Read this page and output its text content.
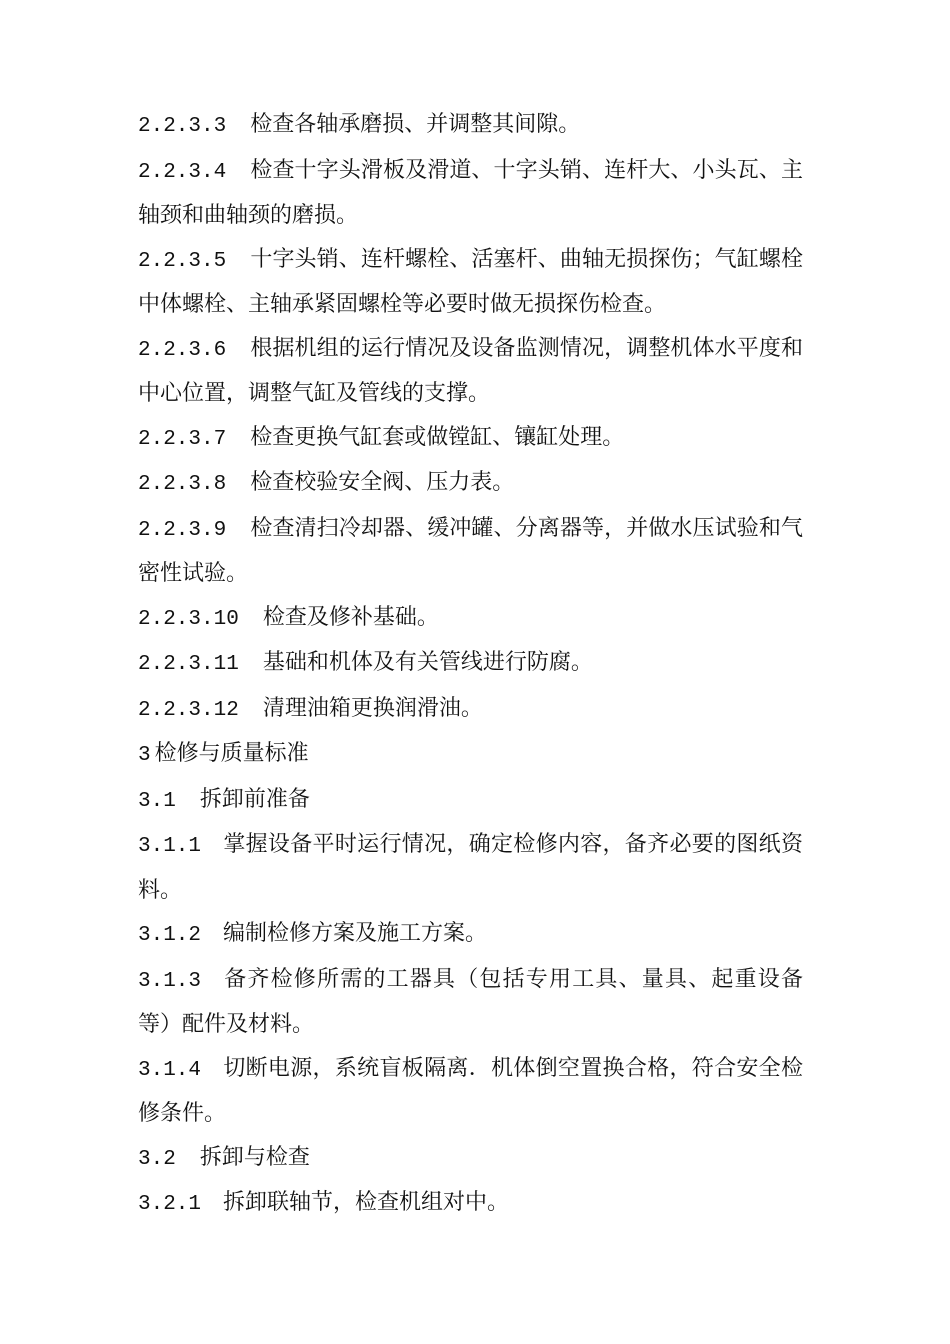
2.2.3.3 检查各轴承磨损、并调整其间隙。

2.2.3.4 检查十字头滑板及滑道、十字头销、连杆大、小头瓦、主轴颈和曲轴颈的磨损。

2.2.3.5 十字头销、连杆螺栓、活塞杆、曲轴无损探伤；气缸螺栓中体螺栓、主轴承紧固螺栓等必要时做无损探伤检查。

2.2.3.6 根据机组的运行情况及设备监测情况，调整机体水平度和中心位置，调整气缸及管线的支撑。

2.2.3.7 检查更换气缸套或做镗缸、镶缸处理。

2.2.3.8 检查校验安全阀、压力表。

2.2.3.9 检查清扫冷却器、缓冲罐、分离器等，并做水压试验和气密性试验。

2.2.3.10 检查及修补基础。

2.2.3.11 基础和机体及有关管线进行防腐。

2.2.3.12 清理油箱更换润滑油。

3 检修与质量标准

3.1 拆卸前准备

3.1.1 掌握设备平时运行情况，确定检修内容，备齐必要的图纸资料。

3.1.2 编制检修方案及施工方案。

3.1.3 备齐检修所需的工器具（包括专用工具、量具、起重设备等）配件及材料。

3.1.4 切断电源，系统盲板隔离．机体倒空置换合格，符合安全检修条件。

3.2 拆卸与检查

3.2.1 拆卸联轴节，检查机组对中。
